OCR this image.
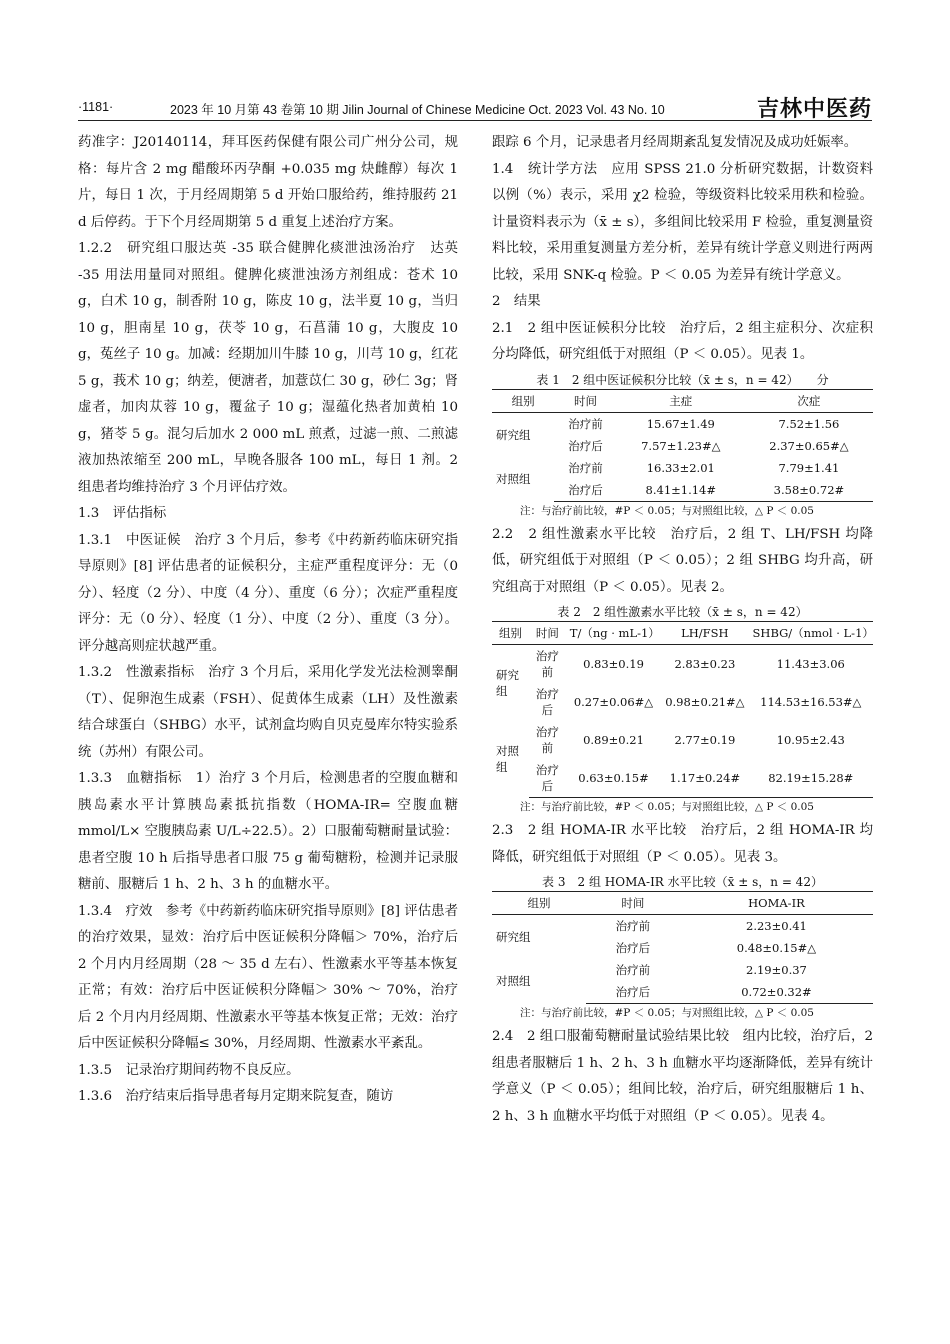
·1181·	2023 年 10 月第 43 卷第 10 期 Jilin Journal of Chinese Medicine Oct. 2023 Vol. 43 No. 10	吉林中医药

药准字：J20140114，拜耳医药保健有限公司广州分公司，规格：每片含 2 mg 醋酸环丙孕酮 +0.035 mg 炔雌醇）每次 1 片，每日 1 次，于月经周期第 5 d 开始口服给药，维持服药 21 d 后停药。于下个月经周期第 5 d 重复上述治疗方案。

1.2.2　研究组口服达英 -35 联合健脾化痰泄浊汤治疗　达英 -35 用法用量同对照组。健脾化痰泄浊汤方剂组成：苍术 10 g，白术 10 g，制香附 10 g，陈皮 10 g，法半夏 10 g，当归 10 g，胆南星 10 g，茯苓 10 g，石菖蒲 10 g，大腹皮 10 g，菟丝子 10 g。加减：经期加川牛膝 10 g，川芎 10 g，红花 5 g，莪术 10 g；纳差，便溏者，加薏苡仁 30 g，砂仁 3g；肾虚者，加肉苁蓉 10 g，覆盆子 10 g；湿蕴化热者加黄柏 10 g，猪苓 5 g。混匀后加水 2 000 mL 煎煮，过滤一煎、二煎滤液加热浓缩至 200 mL，早晚各服各 100 mL，每日 1 剂。2 组患者均维持治疗 3 个月评估疗效。

1.3　评估指标

1.3.1　中医证候　治疗 3 个月后，参考《中药新药临床研究指导原则》[8] 评估患者的证候积分，主症严重程度评分：无（0 分）、轻度（2 分）、中度（4 分）、重度（6 分）；次症严重程度评分：无（0 分）、轻度（1 分）、中度（2 分）、重度（3 分）。评分越高则症状越严重。

1.3.2　性激素指标　治疗 3 个月后，采用化学发光法检测睾酮（T）、促卵泡生成素（FSH）、促黄体生成素（LH）及性激素结合球蛋白（SHBG）水平，试剂盒均购自贝克曼库尔特实验系统（苏州）有限公司。

1.3.3　血糖指标　1）治疗 3 个月后，检测患者的空腹血糖和胰岛素水平计算胰岛素抵抗指数（HOMA-IR= 空腹血糖 mmol/L× 空腹胰岛素 U/L÷22.5）。2）口服葡萄糖耐量试验：患者空腹 10 h 后指导患者口服 75 g 葡萄糖粉，检测并记录服糖前、服糖后 1 h、2 h、3 h 的血糖水平。

1.3.4　疗效　参考《中药新药临床研究指导原则》[8] 评估患者的治疗效果，显效：治疗后中医证候积分降幅＞ 70%，治疗后 2 个月内月经周期（28 ～ 35 d 左右）、性激素水平等基本恢复正常；有效：治疗后中医证候积分降幅＞ 30% ～ 70%，治疗后 2 个月内月经周期、性激素水平等基本恢复正常；无效：治疗后中医证候积分降幅≤ 30%，月经周期、性激素水平紊乱。

1.3.5　记录治疗期间药物不良反应。

1.3.6　治疗结束后指导患者每月定期来院复查，随访

跟踪 6 个月，记录患者月经周期紊乱复发情况及成功妊娠率。

1.4　统计学方法　应用 SPSS 21.0 分析研究数据，计数资料以例（%）表示，采用 χ2 检验，等级资料比较采用秩和检验。计量资料表示为（x̄ ± s），多组间比较采用 F 检验，重复测量资料比较，采用重复测量方差分析，差异有统计学意义则进行两两比较，采用 SNK-q 检验。P ＜ 0.05 为差异有统计学意义。

2　结果

2.1　2 组中医证候积分比较　治疗后，2 组主症积分、次症积分均降低，研究组低于对照组（P ＜ 0.05）。见表 1。

表 1　2 组中医证候积分比较（x̄ ± s，n = 42）　　分
组别	时间	主症	次症
研究组	治疗前	15.67±1.49	7.52±1.56
	治疗后	7.57±1.23#△	2.37±0.65#△
对照组	治疗前	16.33±2.01	7.79±1.41
	治疗后	8.41±1.14#	3.58±0.72#
注：与治疗前比较，#P ＜ 0.05；与对照组比较，△ P ＜ 0.05

2.2　2 组性激素水平比较　治疗后，2 组 T、LH/FSH 均降低，研究组低于对照组（P ＜ 0.05）；2 组 SHBG 均升高，研究组高于对照组（P ＜ 0.05）。见表 2。

表 2　2 组性激素水平比较（x̄ ± s，n = 42）
组别	时间	T/（ng · mL-1）	LH/FSH	SHBG/（nmol · L-1）
研究组	治疗前	0.83±0.19	2.83±0.23	11.43±3.06
	治疗后	0.27±0.06#△	0.98±0.21#△	114.53±16.53#△
对照组	治疗前	0.89±0.21	2.77±0.19	10.95±2.43
	治疗后	0.63±0.15#	1.17±0.24#	82.19±15.28#
注：与治疗前比较，#P ＜ 0.05；与对照组比较，△ P ＜ 0.05

2.3　2 组 HOMA-IR 水平比较　治疗后，2 组 HOMA-IR 均降低，研究组低于对照组（P ＜ 0.05）。见表 3。

表 3　2 组 HOMA-IR 水平比较（x̄ ± s，n = 42）
组别	时间	HOMA-IR
研究组	治疗前	2.23±0.41
	治疗后	0.48±0.15#△
对照组	治疗前	2.19±0.37
	治疗后	0.72±0.32#
注：与治疗前比较，#P ＜ 0.05；与对照组比较，△ P ＜ 0.05

2.4　2 组口服葡萄糖耐量试验结果比较　组内比较，治疗后，2 组患者服糖后 1 h、2 h、3 h 血糖水平均逐渐降低，差异有统计学意义（P ＜ 0.05）；组间比较，治疗后，研究组服糖后 1 h、2 h、3 h 血糖水平均低于对照组（P ＜ 0.05）。见表 4。
